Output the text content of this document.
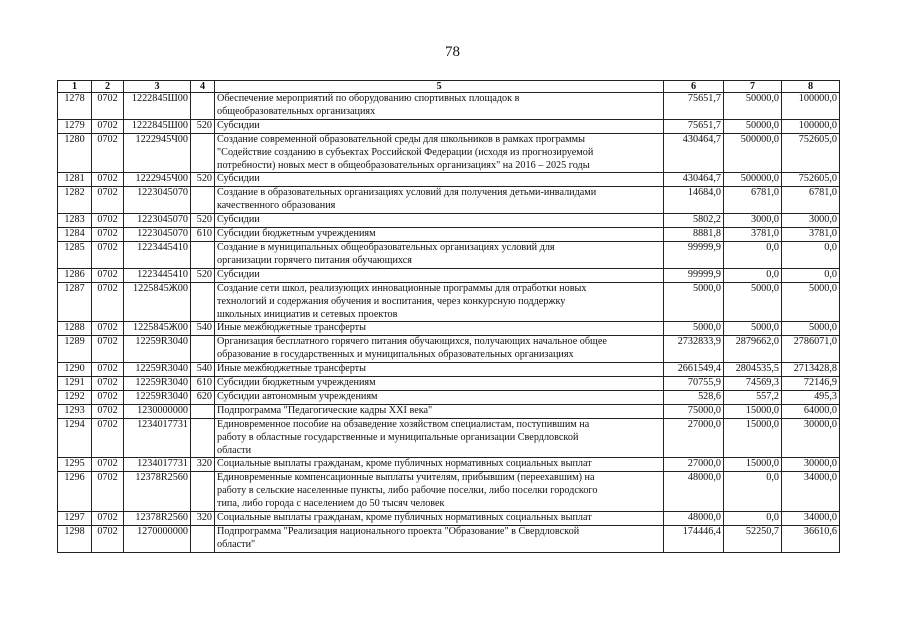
78
1	2	3	4	5	6	7	8
1278	0702	1222845Ш00		Обеспечение мероприятий по оборудованию спортивных площадок в
общеобразовательных организациях	75651,7	50000,0	100000,0
1279	0702	1222845Ш00	520	Субсидии	75651,7	50000,0	100000,0
1280	0702	1222945Ч00		Создание современной образовательной среды для школьников в рамках программы
"Содействие созданию в субъектах Российской Федерации (исходя из прогнозируемой
потребности) новых мест в общеобразовательных организациях" на 2016 – 2025 годы	430464,7	500000,0	752605,0
1281	0702	1222945Ч00	520	Субсидии	430464,7	500000,0	752605,0
1282	0702	1223045070		Создание в образовательных организациях условий для получения детьми-инвалидами
качественного образования	14684,0	6781,0	6781,0
1283	0702	1223045070	520	Субсидии	5802,2	3000,0	3000,0
1284	0702	1223045070	610	Субсидии бюджетным учреждениям	8881,8	3781,0	3781,0
1285	0702	1223445410		Создание в муниципальных общеобразовательных организациях условий для
организации горячего питания обучающихся	99999,9	0,0	0,0
1286	0702	1223445410	520	Субсидии	99999,9	0,0	0,0
1287	0702	1225845Ж00		Создание сети школ, реализующих инновационные программы для отработки новых
технологий и содержания обучения и воспитания, через конкурсную поддержку
школьных инициатив и сетевых проектов	5000,0	5000,0	5000,0
1288	0702	1225845Ж00	540	Иные межбюджетные трансферты	5000,0	5000,0	5000,0
1289	0702	12259R3040		Организация бесплатного горячего питания обучающихся, получающих начальное общее
образование в государственных и муниципальных образовательных организациях	2732833,9	2879662,0	2786071,0
1290	0702	12259R3040	540	Иные межбюджетные трансферты	2661549,4	2804535,5	2713428,8
1291	0702	12259R3040	610	Субсидии бюджетным учреждениям	70755,9	74569,3	72146,9
1292	0702	12259R3040	620	Субсидии автономным учреждениям	528,6	557,2	495,3
1293	0702	1230000000		Подпрограмма "Педагогические кадры XXI века"	75000,0	15000,0	64000,0
1294	0702	1234017731		Единовременное пособие на обзаведение хозяйством специалистам, поступившим на
работу в областные государственные и муниципальные организации Свердловской
области	27000,0	15000,0	30000,0
1295	0702	1234017731	320	Социальные выплаты гражданам, кроме публичных нормативных социальных выплат	27000,0	15000,0	30000,0
1296	0702	12378R2560		Единовременные компенсационные выплаты учителям, прибывшим (переехавшим) на
работу в сельские населенные пункты, либо рабочие поселки, либо поселки городского
типа, либо города с населением до 50 тысяч человек	48000,0	0,0	34000,0
1297	0702	12378R2560	320	Социальные выплаты гражданам, кроме публичных нормативных социальных выплат	48000,0	0,0	34000,0
1298	0702	1270000000		Подпрограмма "Реализация национального проекта "Образование" в Свердловской
области"	174446,4	52250,7	36610,6
